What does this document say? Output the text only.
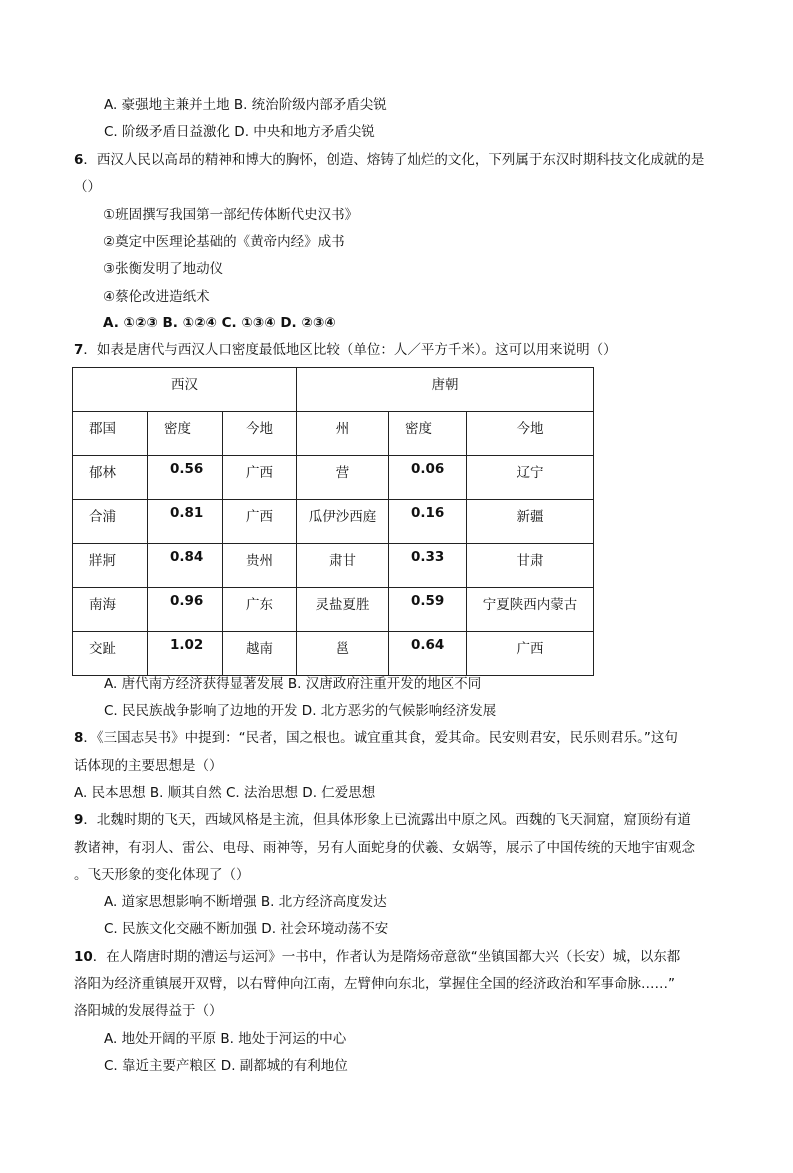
A. 豪强地主兼并土地 B. 统治阶级内部矛盾尖锐
C. 阶级矛盾日益激化 D. 中央和地方矛盾尖锐
6．西汉人民以高昂的精神和博大的胸怀，创造、熔铸了灿烂的文化，下列属于东汉时期科技文化成就的是
（）
①班固撰写我国第一部纪传体断代史汉书》
②奠定中医理论基础的《黄帝内经》成书
③张衡发明了地动仪
④蔡伦改进造纸术
A. ①②③ B. ①②④ C. ①③④ D. ②③④
7．如表是唐代与西汉人口密度最低地区比较（单位：人／平方千米）。这可以用来说明（）
西汉			唐朝		

郡国	密度	今地	州	密度	今地

郁林	0.56	广西	营	0.06	辽宁

合浦	0.81	广西	瓜伊沙西庭	0.16	新疆

牂牁	0.84	贵州	肃甘	0.33	甘肃

南海	0.96	广东	灵盐夏胜	0.59	宁夏陕西内蒙古

交趾	1.02	越南	邕	0.64	广西
A. 唐代南方经济获得显著发展 B. 汉唐政府注重开发的地区不同
C. 民民族战争影响了边地的开发 D. 北方恶劣的气候影响经济发展
8．《三国志吴书》中提到：“民者，国之根也。诚宜重其食，爱其命。民安则君安，民乐则君乐。”这句
话体现的主要思想是（）
A. 民本思想 B. 顺其自然 C. 法治思想 D. 仁爱思想
9．北魏时期的飞天，西域风格是主流，但具体形象上已流露出中原之风。西魏的飞天洞窟，窟顶纷有道
教诸神，有羽人、雷公、电母、雨神等，另有人面蛇身的伏羲、女娲等，展示了中国传统的天地宇宙观念
。飞天形象的变化体现了（）
A. 道家思想影响不断增强 B. 北方经济高度发达
C. 民族文化交融不断加强 D. 社会环境动荡不安
10．在人隋唐时期的漕运与运河》一书中，作者认为是隋炀帝意欲“坐镇国都大兴（长安）城，以东都
洛阳为经济重镇展开双臂，以右臂伸向江南，左臂伸向东北，掌握住全国的经济政治和军事命脉……”
洛阳城的发展得益于（）
A. 地处开阔的平原 B. 地处于河运的中心
C. 靠近主要产粮区 D. 副都城的有利地位
